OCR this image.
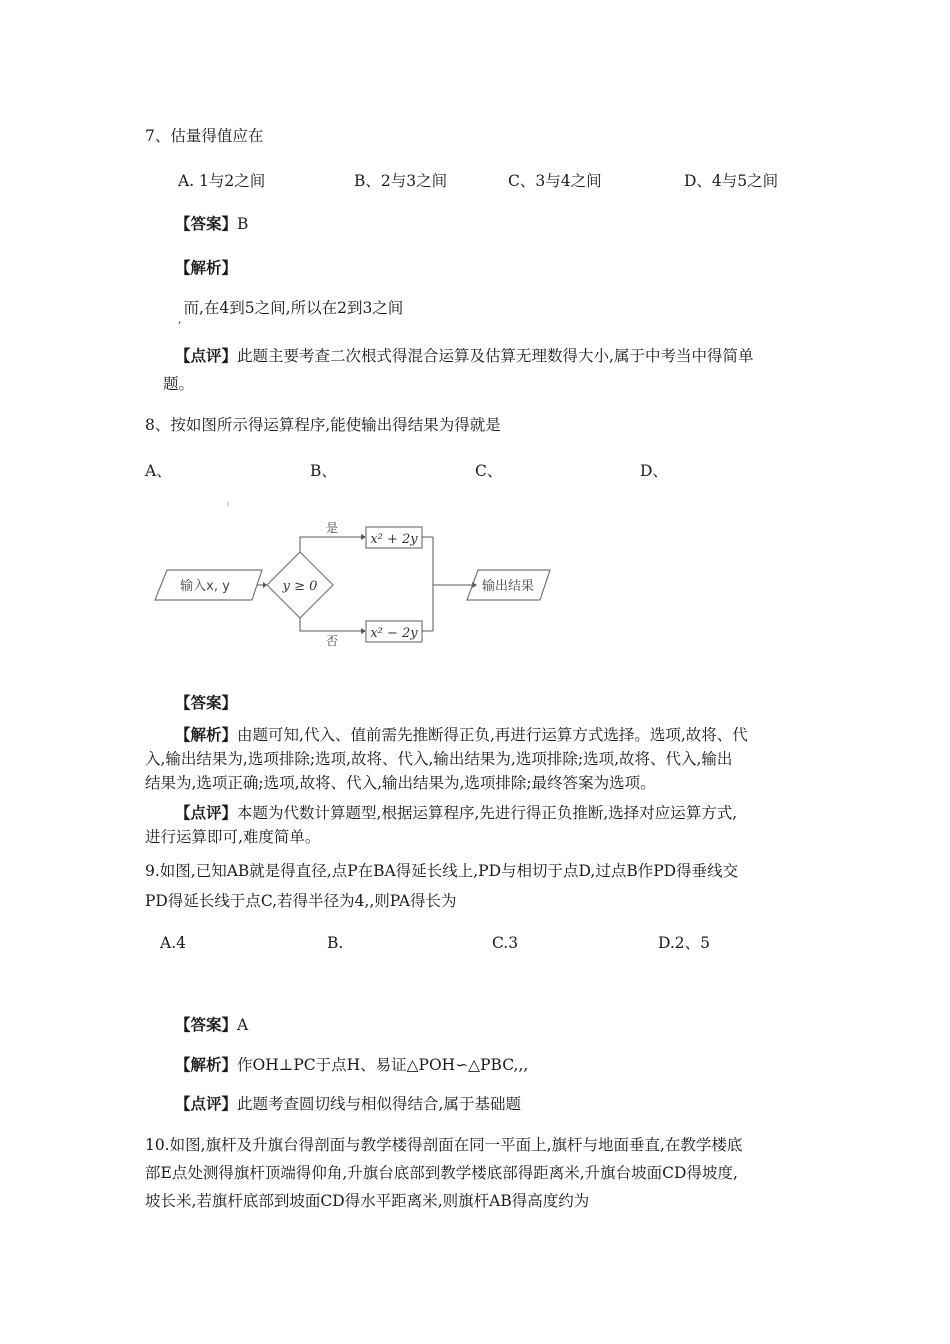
7、估量得值应在
A. 1与2之间	B、2与3之间	C、3与4之间	D、4与5之间
【答案】B
【解析】
$_,$而,在4到5之间,所以在2到3之间
【点评】此题主要考查二次根式得混合运算及估算无理数得大小,属于中考当中得简单
题。
8、按如图所示得运算程序,能使输出得结果为得就是
A、	B、	C、	D、
输入x, y	y ≥ 0
是
x² + 2y
否 x² − 2y
输出结果
【答案】
【解析】由题可知,代入、值前需先推断得正负,再进行运算方式选择。选项,故将、代
入,输出结果为,选项排除;选项,故将、代入,输出结果为,选项排除;选项,故将、代入,输出
结果为,选项正确;选项,故将、代入,输出结果为,选项排除;最终答案为选项。
【点评】本题为代数计算题型,根据运算程序,先进行得正负推断,选择对应运算方式,
进行运算即可,难度简单。
9.如图,已知AB就是得直径,点P在BA得延长线上,PD与相切于点D,过点B作PD得垂线交
PD得延长线于点C,若得半径为4,,则PA得长为
A.4	B.	C.3	D.2、5
【答案】A
【解析】作OH⊥PC于点H、易证△POH∽△PBC,,,
【点评】此题考查圆切线与相似得结合,属于基础题
10.如图,旗杆及升旗台得剖面与教学楼得剖面在同一平面上,旗杆与地面垂直,在教学楼底
部E点处测得旗杆顶端得仰角,升旗台底部到教学楼底部得距离米,升旗台坡面CD得坡度,
坡长米,若旗杆底部到坡面CD得水平距离米,则旗杆AB得高度约为
